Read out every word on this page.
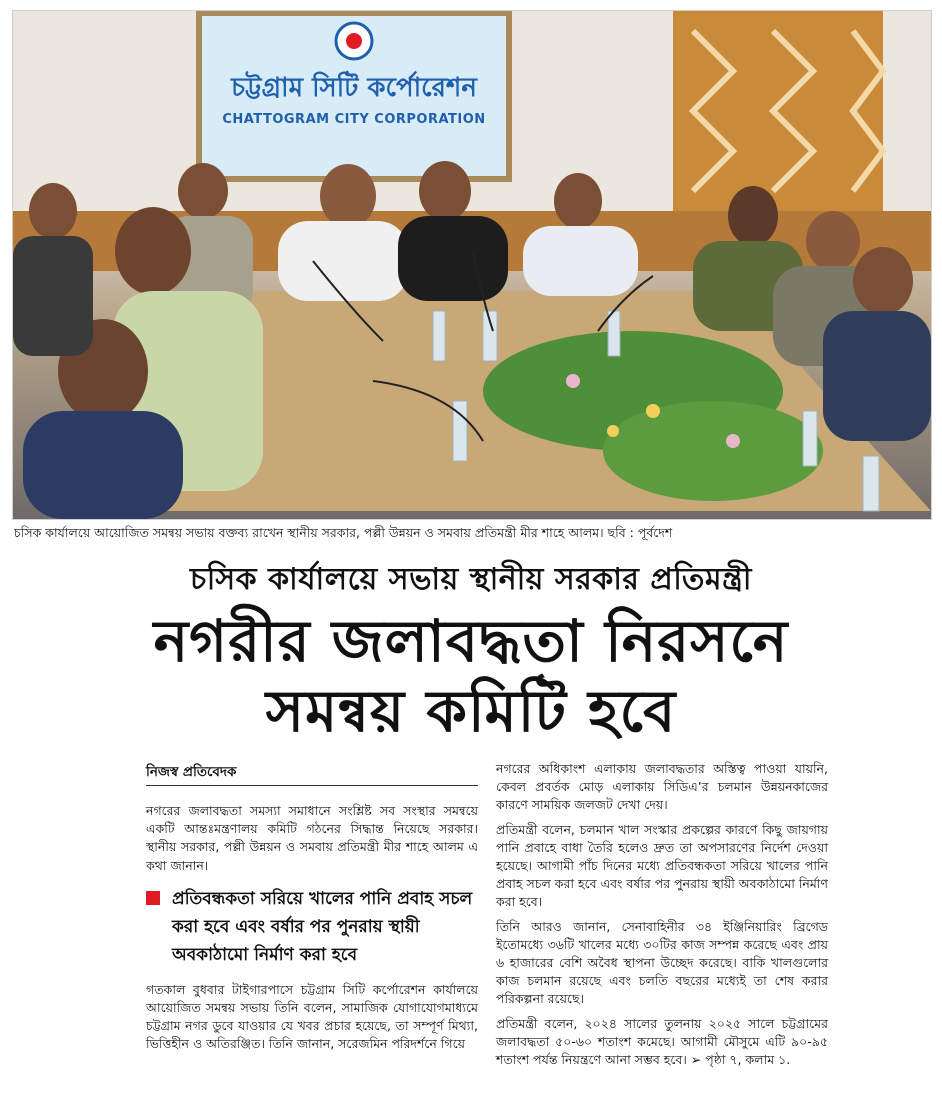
চট্টগ্রাম সিটি কর্পোরেশন
CHATTOGRAM CITY CORPORATION
চসিক কার্যালয়ে আয়োজিত সমন্বয় সভায় বক্তব্য রাখেন স্থানীয় সরকার, পল্লী উন্নয়ন ও সমবায় প্রতিমন্ত্রী মীর শাহে আলম। ছবি : পূর্বদেশ
চসিক কার্যালয়ে সভায় স্থানীয় সরকার প্রতিমন্ত্রী
নগরীর জলাবদ্ধতা নিরসনে
সমন্বয় কমিটি হবে
নিজস্ব প্রতিবেদক

নগরের জলাবদ্ধতা সমস্যা সমাধানে সংশ্লিষ্ট সব সংস্থার সমন্বয়ে একটি আন্তঃমন্ত্রণালয় কমিটি গঠনের সিদ্ধান্ত নিয়েছে সরকার। স্থানীয় সরকার, পল্লী উন্নয়ন ও সমবায় প্রতিমন্ত্রী মীর শাহে আলম এ কথা জানান।

প্রতিবন্ধকতা সরিয়ে খালের পানি প্রবাহ সচল করা হবে এবং বর্ষার পর পুনরায় স্থায়ী অবকাঠামো নির্মাণ করা হবে

গতকাল বুধবার টাইগারপাসে চট্টগ্রাম সিটি কর্পোরেশন কার্যালয়ে আয়োজিত সমন্বয় সভায় তিনি বলেন, সামাজিক যোগাযোগমাধ্যমে চট্টগ্রাম নগর ডুবে যাওয়ার যে খবর প্রচার হয়েছে, তা সম্পূর্ণ মিথ্যা, ভিত্তিহীন ও অতিরঞ্জিত। তিনি জানান, সরেজমিন পরিদর্শনে গিয়ে

নগরের অধিকাংশ এলাকায় জলাবদ্ধতার অস্তিত্ব পাওয়া যায়নি, কেবল প্রবর্তক মোড় এলাকায় সিডিএ’র চলমান উন্নয়নকাজের কারণে সাময়িক জলজট দেখা দেয়।

প্রতিমন্ত্রী বলেন, চলমান খাল সংস্কার প্রকল্পের কারণে কিছু জায়গায় পানি প্রবাহে বাধা তৈরি হলেও দ্রুত তা অপসারণের নির্দেশ দেওয়া হয়েছে। আগামী পাঁচ দিনের মধ্যে প্রতিবন্ধকতা সরিয়ে খালের পানি প্রবাহ সচল করা হবে এবং বর্ষার পর পুনরায় স্থায়ী অবকাঠামো নির্মাণ করা হবে।

তিনি আরও জানান, সেনাবাহিনীর ৩৪ ইঞ্জিনিয়ারিং ব্রিগেড ইতোমধ্যে ৩৬টি খালের মধ্যে ৩০টির কাজ সম্পন্ন করেছে এবং প্রায় ৬ হাজারের বেশি অবৈধ স্থাপনা উচ্ছেদ করেছে। বাকি খালগুলোর কাজ চলমান রয়েছে এবং চলতি বছরের মধ্যেই তা শেষ করার পরিকল্পনা রয়েছে।

প্রতিমন্ত্রী বলেন, ২০২৪ সালের তুলনায় ২০২৫ সালে চট্টগ্রামের জলাবদ্ধতা ৫০-৬০ শতাংশ কমেছে। আগামী মৌসুমে এটি ৯০-৯৫ শতাংশ পর্যন্ত নিয়ন্ত্রণে আনা সম্ভব হবে। ➢ পৃষ্ঠা ৭, কলাম ১.
